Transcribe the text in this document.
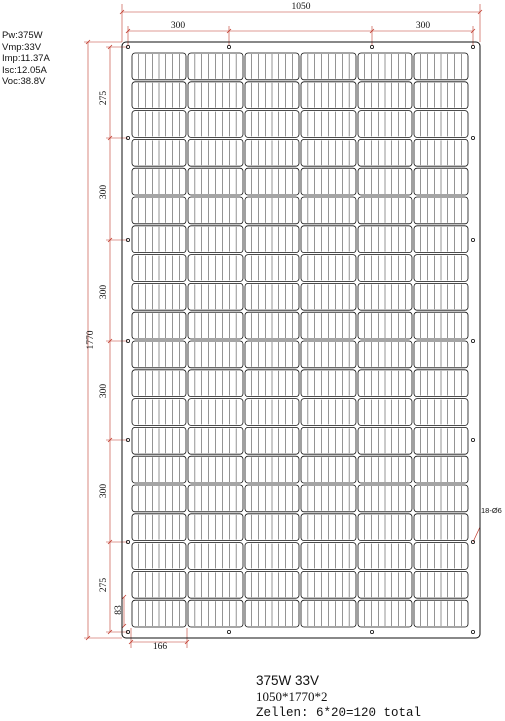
Pw:375W
Vmp:33V
Imp:11.37A
Isc:12.05A
Voc:38.8V
1050
300	300
1770
275
300
300
300
300
275
83
166
18-Ø6
375W 33V
1050*1770*2
Zellen: 6*20=120 total
